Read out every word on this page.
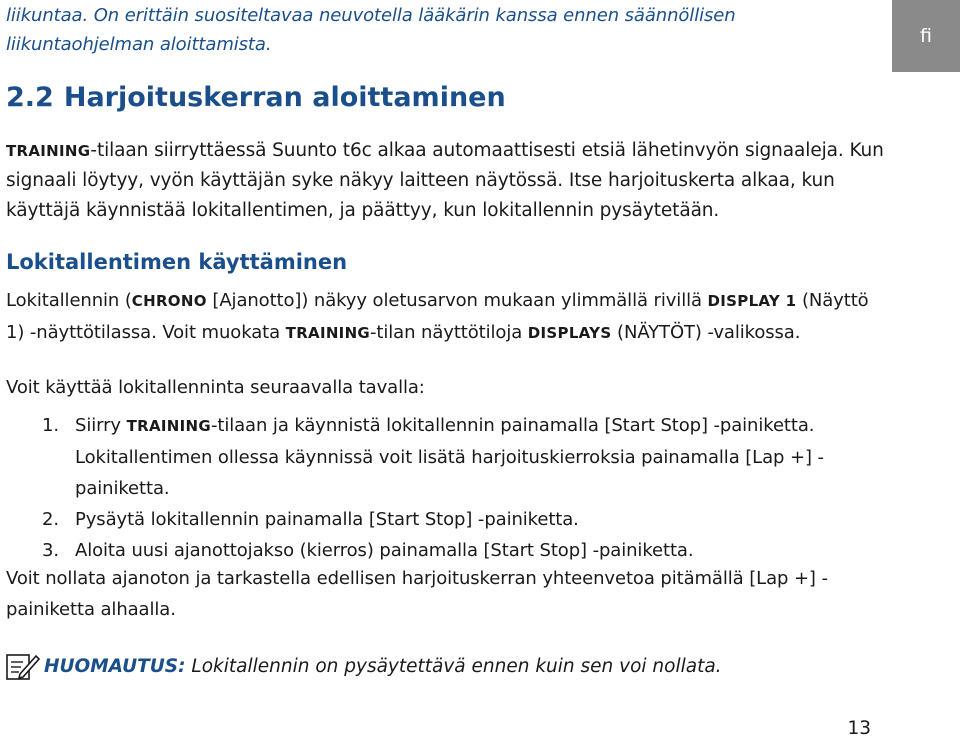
liikuntaa. On erittäin suositeltavaa neuvotella lääkärin kanssa ennen säännöllisen liikuntaohjelman aloittamista.	fi
2.2 Harjoituskerran aloittaminen

TRAINING-tilaan siirryttäessä Suunto t6c alkaa automaattisesti etsiä lähetinvyön signaaleja. Kun signaali löytyy, vyön käyttäjän syke näkyy laitteen näytössä. Itse harjoituskerta alkaa, kun käyttäjä käynnistää lokitallentimen, ja päättyy, kun lokitallennin pysäytetään.

Lokitallentimen käyttäminen

Lokitallennin (CHRONO [Ajanotto]) näkyy oletusarvon mukaan ylimmällä rivillä DISPLAY 1 (Näyttö 1) -näyttötilassa. Voit muokata TRAINING-tilan näyttötiloja DISPLAYS (NÄYTÖT) -valikossa.

Voit käyttää lokitallenninta seuraavalla tavalla:

1. Siirry TRAINING-tilaan ja käynnistä lokitallennin painamalla [Start Stop] -painiketta. Lokitallentimen ollessa käynnissä voit lisätä harjoituskierroksia painamalla [Lap +] -painiketta.
2. Pysäytä lokitallennin painamalla [Start Stop] -painiketta.
3. Aloita uusi ajanottojakso (kierros) painamalla [Start Stop] -painiketta.

Voit nollata ajanoton ja tarkastella edellisen harjoituskerran yhteenvetoa pitämällä [Lap +] -painiketta alhaalla.

HUOMAUTUS: Lokitallennin on pysäytettävä ennen kuin sen voi nollata.
13
